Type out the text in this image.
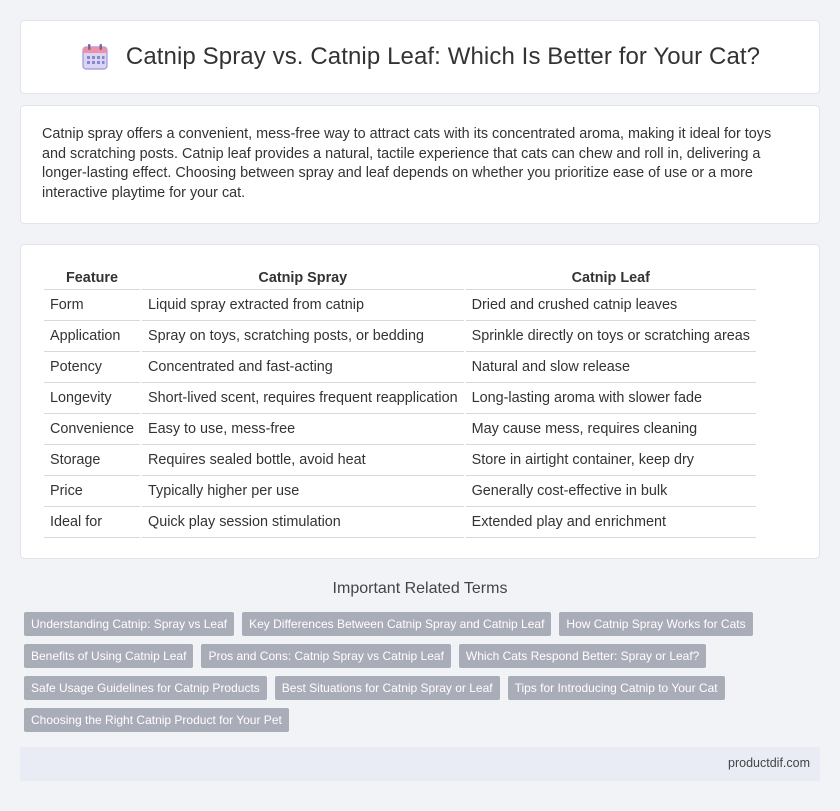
Catnip Spray vs. Catnip Leaf: Which Is Better for Your Cat?

Catnip spray offers a convenient, mess-free way to attract cats with its concentrated aroma, making it ideal for toys and scratching posts. Catnip leaf provides a natural, tactile experience that cats can chew and roll in, delivering a longer-lasting effect. Choosing between spray and leaf depends on whether you prioritize ease of use or a more interactive playtime for your cat.

Feature	Catnip Spray	Catnip Leaf
Form	Liquid spray extracted from catnip	Dried and crushed catnip leaves
Application	Spray on toys, scratching posts, or bedding	Sprinkle directly on toys or scratching areas
Potency	Concentrated and fast-acting	Natural and slow release
Longevity	Short-lived scent, requires frequent reapplication	Long-lasting aroma with slower fade
Convenience	Easy to use, mess-free	May cause mess, requires cleaning
Storage	Requires sealed bottle, avoid heat	Store in airtight container, keep dry
Price	Typically higher per use	Generally cost-effective in bulk
Ideal for	Quick play session stimulation	Extended play and enrichment
Important Related Terms
Understanding Catnip: Spray vs Leaf	Key Differences Between Catnip Spray and Catnip Leaf	How Catnip Spray Works for Cats
Benefits of Using Catnip Leaf	Pros and Cons: Catnip Spray vs Catnip Leaf	Which Cats Respond Better: Spray or Leaf?
Safe Usage Guidelines for Catnip Products	Best Situations for Catnip Spray or Leaf	Tips for Introducing Catnip to Your Cat
Choosing the Right Catnip Product for Your Pet
productdif.com
